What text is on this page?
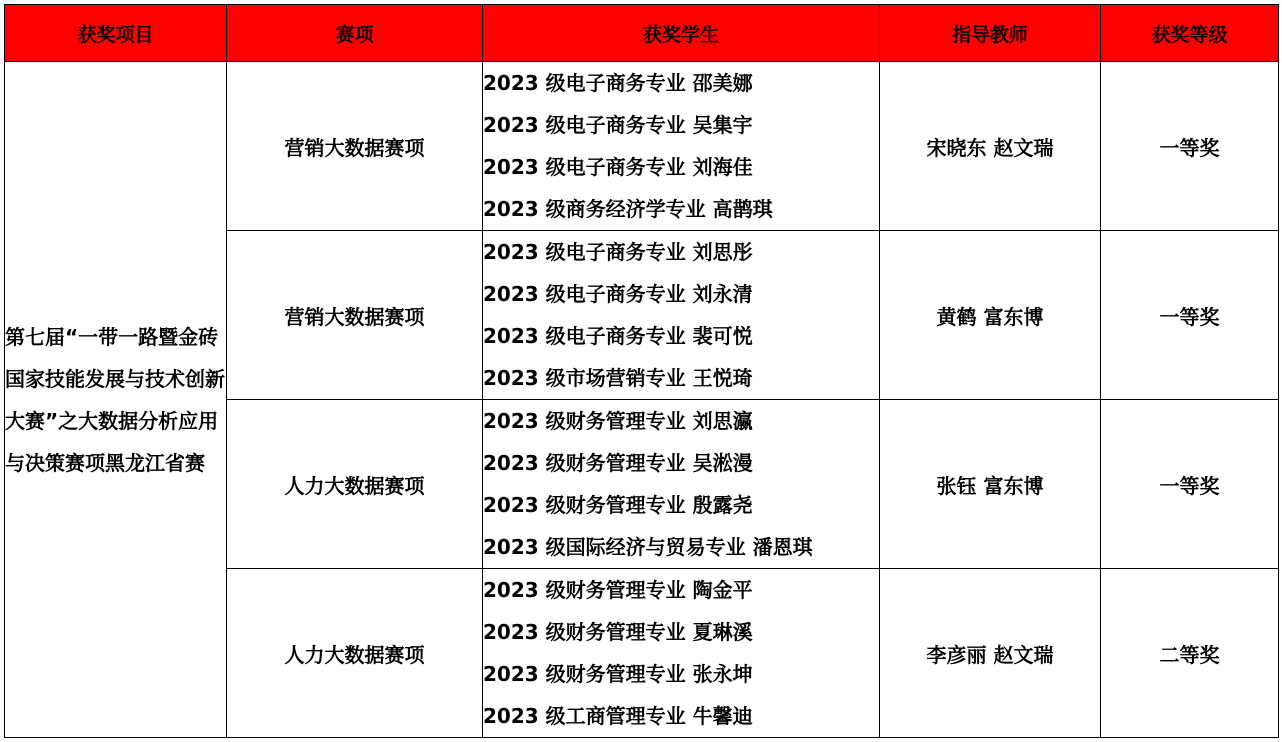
获奖项目	赛项	获奖学生	指导教师	获奖等级
第七届“一带一路暨金砖国家技能发展与技术创新大赛”之大数据分析应用与决策赛项黑龙江省赛	营销大数据赛项	2023 级电子商务专业 邵美娜
2023 级电子商务专业 吴集宇
2023 级电子商务专业 刘海佳
2023 级商务经济学专业 高鹊琪	宋晓东 赵文瑞	一等奖
	营销大数据赛项	2023 级电子商务专业 刘思彤
2023 级电子商务专业 刘永清
2023 级电子商务专业 裴可悦
2023 级市场营销专业 王悦琦	黄鹤 富东博	一等奖
	人力大数据赛项	2023 级财务管理专业 刘思瀛
2023 级财务管理专业 吴淞漫
2023 级财务管理专业 殷露尧
2023 级国际经济与贸易专业 潘恩琪	张钰 富东博	一等奖
	人力大数据赛项	2023 级财务管理专业 陶金平
2023 级财务管理专业 夏琳溪
2023 级财务管理专业 张永坤
2023 级工商管理专业 牛馨迪	李彦丽 赵文瑞	二等奖
